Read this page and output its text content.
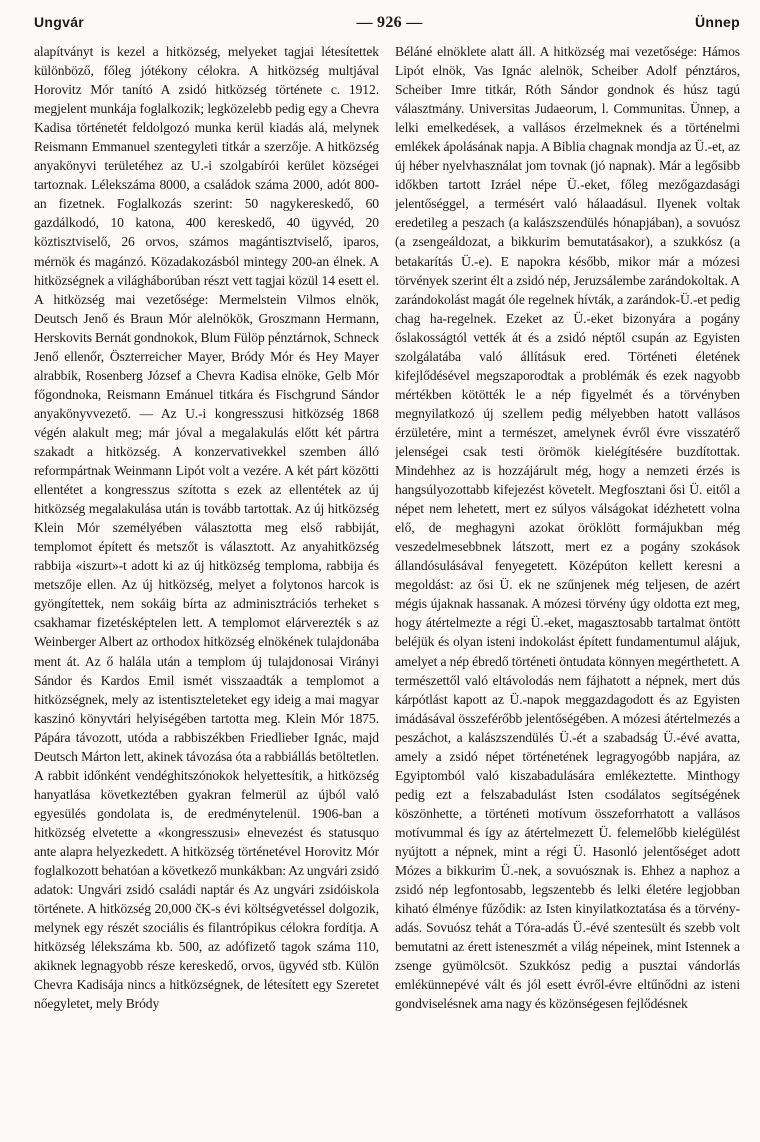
Ungvár	— 926 —	Ünnep

alapítványt is kezel a hitközség, melyeket tagjai létesítettek különböző, főleg jótékony célokra. A hitközség multjával Horovitz Mór tanító A zsidó hitközség története c. 1912. megjelent munkája foglalkozik; legközelebb pedig egy a Chevra Kadisa történetét feldolgozó munka kerül kiadás alá, melynek Reismann Emmanuel szentegyleti titkár a szerzője. A hitközség anyakönyvi területéhez az U.-i szolgabírói kerület községei tartoznak. Lélekszáma 8000, a családok száma 2000, adót 800-an fizetnek. Foglalkozás szerint: 50 nagykereskedő, 60 gazdálkodó, 10 katona, 400 kereskedő, 40 ügyvéd, 20 köztisztviselő, 26 orvos, számos magántisztviselő, iparos, mérnök és magánzó. Közadakozásból mintegy 200-an élnek. A hitközségnek a világháborúban részt vett tagjai közül 14 esett el. A hitközség mai vezetősége: Mermelstein Vilmos elnök, Deutsch Jenő és Braun Mór alelnökök, Groszmann Hermann, Herskovits Bernát gondnokok, Blum Fülöp pénztárnok, Schneck Jenő ellenőr, Öszterreicher Mayer, Bródy Mór és Hey Mayer alrabbik, Rosenberg József a Chevra Kadisa elnöke, Gelb Mór főgondnoka, Reismann Emánuel titkára és Fischgrund Sándor anyakönyvvezető. — Az U.-i kongresszusi hitközség 1868 végén alakult meg; már jóval a megalakulás előtt két pártra szakadt a hitközség. A konzervativekkel szemben álló reformpártnak Weinmann Lipót volt a vezére. A két párt közötti ellentétet a kongresszus szította s ezek az ellentétek az új hitközség megalakulása után is tovább tartottak. Az új hitközség Klein Mór személyében választotta meg első rabbiját, templomot épített és metszőt is választott. Az anyahitközség rabbija «iszurt»-t adott ki az új hitközség temploma, rabbija és metszője ellen. Az új hitközség, melyet a folytonos harcok is gyöngítettek, nem sokáig bírta az adminisztrációs terheket s csakhamar fizetésképtelen lett. A templomot elárverezték s az Weinberger Albert az orthodox hitközség elnökének tulajdonába ment át. Az ő halála után a templom új tulajdonosai Virányi Sándor és Kardos Emil ismét visszaadták a templomot a hitközségnek, mely az istentiszteleteket egy ideig a mai magyar kaszinó könyvtári helyiségében tartotta meg. Klein Mór 1875. Pápára távozott, utóda a rabbiszékben Friedlieber Ignác, majd Deutsch Márton lett, akinek távozása óta a rabbiállás betöltetlen. A rabbit időnként vendéghitszónokok helyettesítik, a hitközség hanyatlása következtében gyakran felmerül az újból való egyesülés gondolata is, de eredménytelenül. 1906-ban a hitközség elvetette a «kongresszusi» elnevezést és statusquo ante alapra helyezkedett. A hitközség történetével Horovitz Mór foglalkozott behatóan a következő munkákban: Az ungvári zsidó adatok: Ungvári zsidó családi naptár és Az ungvári zsidóiskola története. A hitközség 20,000 čK-s évi költségvetéssel dolgozik, melynek egy részét szociális és filantrópikus célokra fordítja. A hitközség lélekszáma kb. 500, az adófizető tagok száma 110, akiknek legnagyobb része kereskedő, orvos, ügyvéd stb. Külön Chevra Kadisája nincs a hitközségnek, de létesített egy Szeretet nőegyletet, mely Bródy

Béláné elnöklete alatt áll. A hitközség mai vezetősége: Hámos Lipót elnök, Vas Ignác alelnök, Scheiber Adolf pénztáros, Scheiber Imre titkár, Róth Sándor gondnok és húsz tagú választmány. Universitas Judaeorum, l. Communitas. Ünnep, a lelki emelkedések, a vallásos érzelmeknek és a történelmi emlékek ápolásának napja. A Biblia chagnak mondja az Ü.-et, az új héber nyelvhasználat jom tovnak (jó napnak). Már a legősibb időkben tartott Izráel népe Ü.-eket, főleg mezőgazdasági jelentőséggel, a termésért való hálaadásul. Ilyenek voltak eredetileg a peszach (a kalászszendülés hónapjában), a sovuósz (a zsengeáldozat, a bikkurim bemutatásakor), a szukkósz (a betakarítás Ü.-e). E napokra később, mikor már a mózesi törvények szerint élt a zsidó nép, Jeruzsálembe zarándokoltak. A zarándokolást magát óle regelnek hívták, a zarándok-Ü.-et pedig chag ha-regelnek. Ezeket az Ü.-eket bizonyára a pogány őslakosságtól vették át és a zsidó néptől csupán az Egyisten szolgálatába való állításuk ered. Történeti életének kifejlődésével megszaporodtak a problémák és ezek nagyobb mértékben kötötték le a nép figyelmét és a törvényben megnyilatkozó új szellem pedig mélyebben hatott vallásos érzületére, mint a természet, amelynek évről évre visszatérő jelenségei csak testi örömök kielégítésére buzdítottak. Mindehhez az is hozzájárult még, hogy a nemzeti érzés is hangsúlyozottabb kifejezést követelt. Megfosztani ősi Ü. eitől a népet nem lehetett, mert ez súlyos válságokat idézhetett volna elő, de meghagyni azokat öröklött formájukban még veszedelmesebbnek látszott, mert ez a pogány szokások állandósulásával fenyegetett. Középúton kellett keresni a megoldást: az ősi Ü. ek ne szűnjenek még teljesen, de azért mégis újaknak hassanak. A mózesi törvény úgy oldotta ezt meg, hogy átértelmezte a régi Ü.-eket, magasztosabb tartalmat öntött beléjük és olyan isteni indokolást épített fundamentumul alájuk, amelyet a nép ébredő történeti öntudata könnyen megérthetett. A természettől való eltávolodás nem fájhatott a népnek, mert dús kárpótlást kapott az Ü.-napok meggazdagodott és az Egyisten imádásával összeférőbb jelentőségében. A mózesi átértelmezés a peszáchot, a kalászszendülés Ü.-ét a szabadság Ü.-évé avatta, amely a zsidó népet történetének legragyogóbb napjára, az Egyiptomból való kiszabadulására emlékeztette. Minthogy pedig ezt a felszabadulást Isten csodálatos segítségének köszönhette, a történeti motívum összeforrhatott a vallásos motívummal és így az átértelmezett Ü. felemelőbb kielégülést nyújtott a népnek, mint a régi Ü. Hasonló jelentőséget adott Mózes a bikkurim Ü.-nek, a sovuósznak is. Ehhez a naphoz a zsidó nép legfontosabb, legszentebb és lelki életére legjobban kiható élménye fűződik: az Isten kinyilatkoztatása és a törvény-adás. Sovuósz tehát a Tóra-adás Ü.-évé szentesült és szebb volt bemutatni az érett isteneszmét a világ népeinek, mint Istennek a zsenge gyümölcsöt. Szukkósz pedig a pusztai vándorlás emlékünnepévé vált és jól esett évről-évre eltűnődni az isteni gondviselésnek ama nagy és közönségesen fejlődésnek
